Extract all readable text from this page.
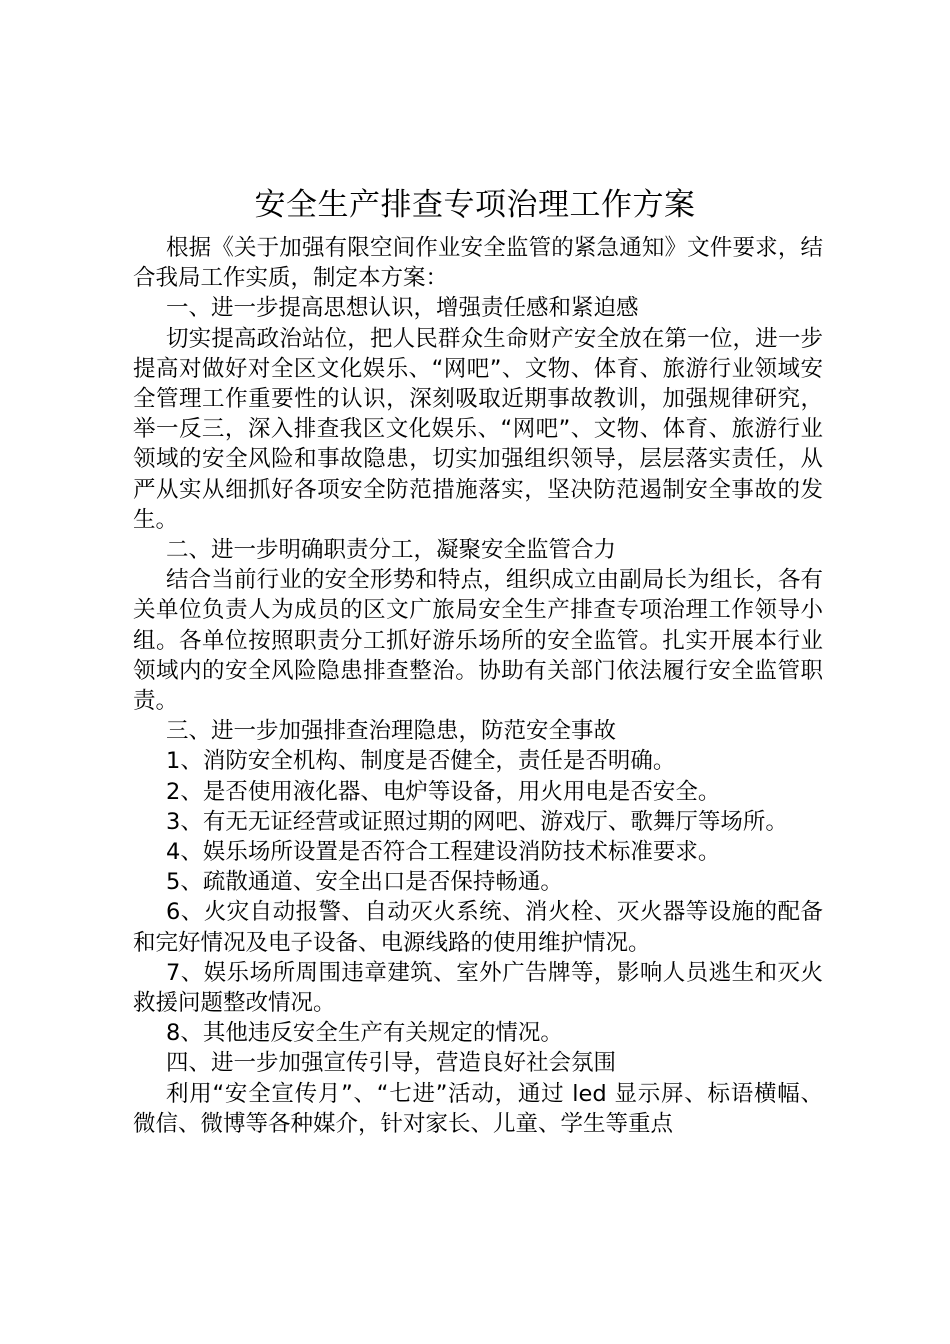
安全生产排查专项治理工作方案

根据《关于加强有限空间作业安全监管的紧急通知》文件要求，结合我局工作实质，制定本方案：

一、进一步提高思想认识，增强责任感和紧迫感

切实提高政治站位，把人民群众生命财产安全放在第一位，进一步提高对做好对全区文化娱乐、“网吧”、文物、体育、旅游行业领域安全管理工作重要性的认识，深刻吸取近期事故教训，加强规律研究，举一反三，深入排查我区文化娱乐、“网吧”、文物、体育、旅游行业领域的安全风险和事故隐患，切实加强组织领导，层层落实责任，从严从实从细抓好各项安全防范措施落实，坚决防范遏制安全事故的发生。

二、进一步明确职责分工，凝聚安全监管合力

结合当前行业的安全形势和特点，组织成立由副局长为组长，各有关单位负责人为成员的区文广旅局安全生产排查专项治理工作领导小组。各单位按照职责分工抓好游乐场所的安全监管。扎实开展本行业领域内的安全风险隐患排查整治。协助有关部门依法履行安全监管职责。

三、进一步加强排查治理隐患，防范安全事故

1、消防安全机构、制度是否健全，责任是否明确。

2、是否使用液化器、电炉等设备，用火用电是否安全。

3、有无无证经营或证照过期的网吧、游戏厅、歌舞厅等场所。

4、娱乐场所设置是否符合工程建设消防技术标准要求。

5、疏散通道、安全出口是否保持畅通。

6、火灾自动报警、自动灭火系统、消火栓、灭火器等设施的配备和完好情况及电子设备、电源线路的使用维护情况。

7、娱乐场所周围违章建筑、室外广告牌等，影响人员逃生和灭火救援问题整改情况。

8、其他违反安全生产有关规定的情况。

四、进一步加强宣传引导，营造良好社会氛围

利用“安全宣传月”、“七进”活动，通过 led 显示屏、标语横幅、微信、微博等各种媒介，针对家长、儿童、学生等重点
